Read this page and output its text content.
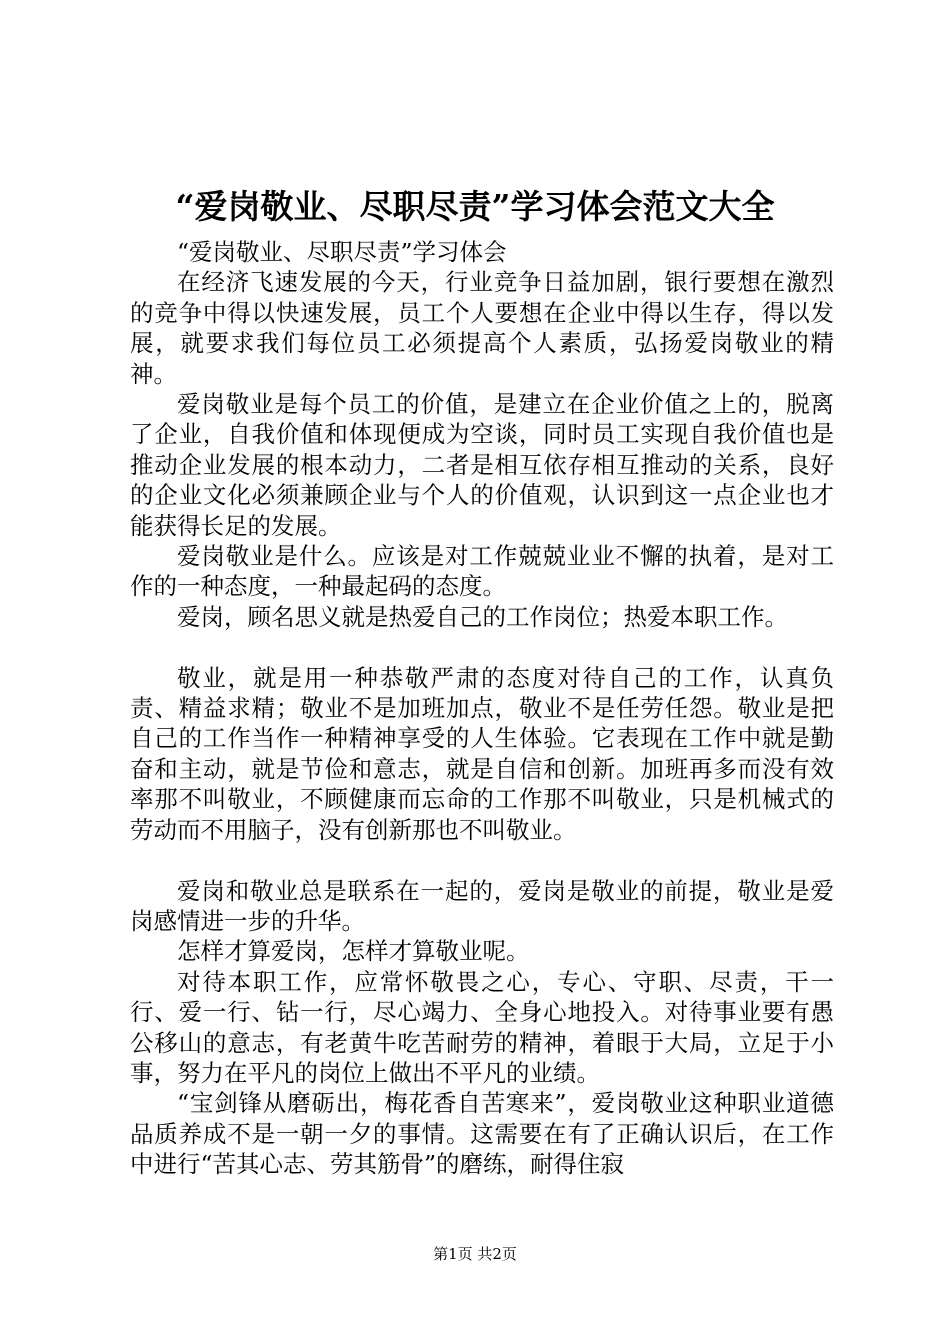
“爱岗敬业、尽职尽责”学习体会范文大全

“爱岗敬业、尽职尽责”学习体会

在经济飞速发展的今天，行业竞争日益加剧，银行要想在激烈的竞争中得以快速发展，员工个人要想在企业中得以生存，得以发展，就要求我们每位员工必须提高个人素质，弘扬爱岗敬业的精神。

爱岗敬业是每个员工的价值，是建立在企业价值之上的，脱离了企业，自我价值和体现便成为空谈，同时员工实现自我价值也是推动企业发展的根本动力，二者是相互依存相互推动的关系，良好的企业文化必须兼顾企业与个人的价值观，认识到这一点企业也才能获得长足的发展。

爱岗敬业是什么。应该是对工作兢兢业业不懈的执着，是对工作的一种态度，一种最起码的态度。

爱岗，顾名思义就是热爱自己的工作岗位；热爱本职工作。

敬业，就是用一种恭敬严肃的态度对待自己的工作，认真负责、精益求精；敬业不是加班加点，敬业不是任劳任怨。敬业是把自己的工作当作一种精神享受的人生体验。它表现在工作中就是勤奋和主动，就是节俭和意志，就是自信和创新。加班再多而没有效率那不叫敬业，不顾健康而忘命的工作那不叫敬业，只是机械式的劳动而不用脑子，没有创新那也不叫敬业。

爱岗和敬业总是联系在一起的，爱岗是敬业的前提，敬业是爱岗感情进一步的升华。

怎样才算爱岗，怎样才算敬业呢。

对待本职工作，应常怀敬畏之心，专心、守职、尽责，干一行、爱一行、钻一行，尽心竭力、全身心地投入。对待事业要有愚公移山的意志，有老黄牛吃苦耐劳的精神，着眼于大局，立足于小事，努力在平凡的岗位上做出不平凡的业绩。

“宝剑锋从磨砺出，梅花香自苦寒来”，爱岗敬业这种职业道德品质养成不是一朝一夕的事情。这需要在有了正确认识后，在工作中进行“苦其心志、劳其筋骨”的磨练，耐得住寂

第1页 共2页
